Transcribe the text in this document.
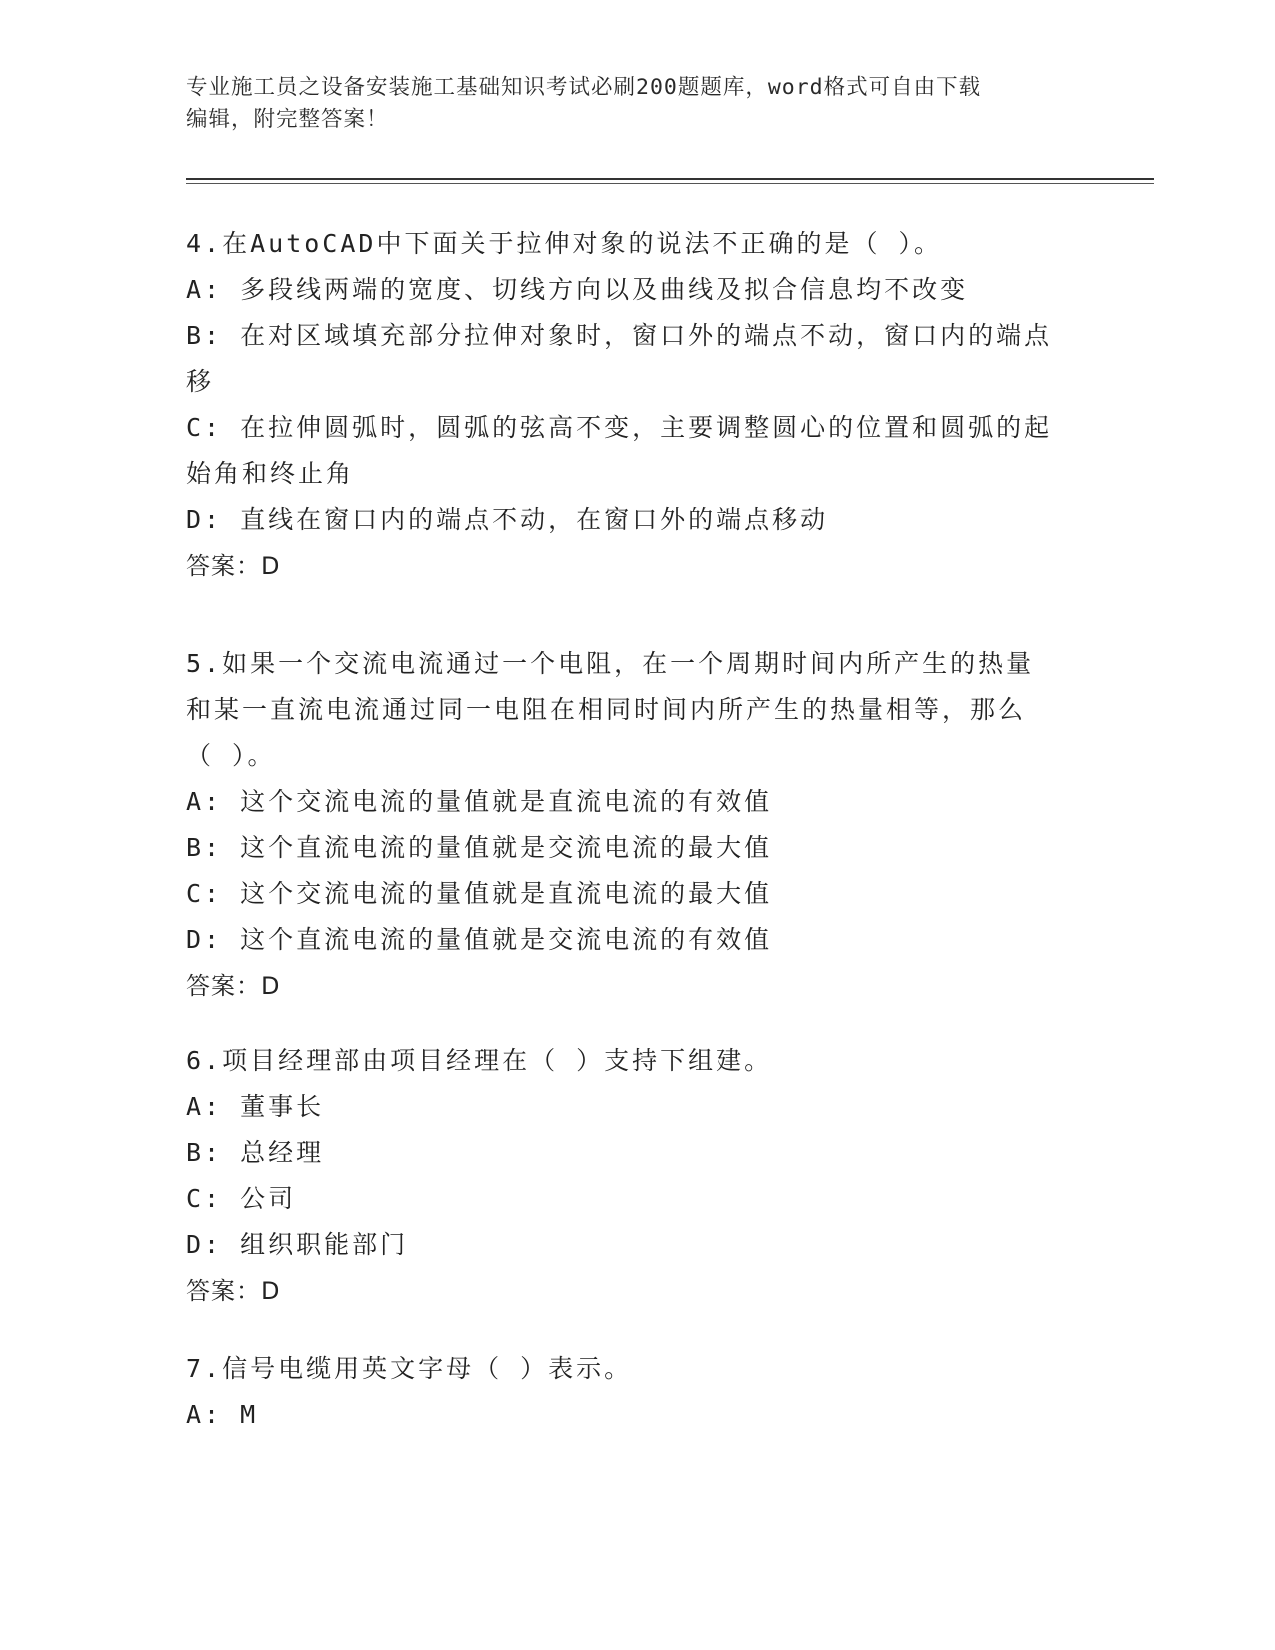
专业施工员之设备安装施工基础知识考试必刷200题题库，word格式可自由下载
编辑，附完整答案！
4.在AutoCAD中下面关于拉伸对象的说法不正确的是（ ）。
A: 多段线两端的宽度、切线方向以及曲线及拟合信息均不改变
B: 在对区域填充部分拉伸对象时，窗口外的端点不动，窗口内的端点
移
C: 在拉伸圆弧时，圆弧的弦高不变，主要调整圆心的位置和圆弧的起
始角和终止角
D: 直线在窗口内的端点不动，在窗口外的端点移动
答案：D
5.如果一个交流电流通过一个电阻，在一个周期时间内所产生的热量
和某一直流电流通过同一电阻在相同时间内所产生的热量相等，那么
（ ）。
A: 这个交流电流的量值就是直流电流的有效值
B: 这个直流电流的量值就是交流电流的最大值
C: 这个交流电流的量值就是直流电流的最大值
D: 这个直流电流的量值就是交流电流的有效值
答案：D
6.项目经理部由项目经理在（ ）支持下组建。
A: 董事长
B: 总经理
C: 公司
D: 组织职能部门
答案：D
7.信号电缆用英文字母（ ）表示。
A: M
